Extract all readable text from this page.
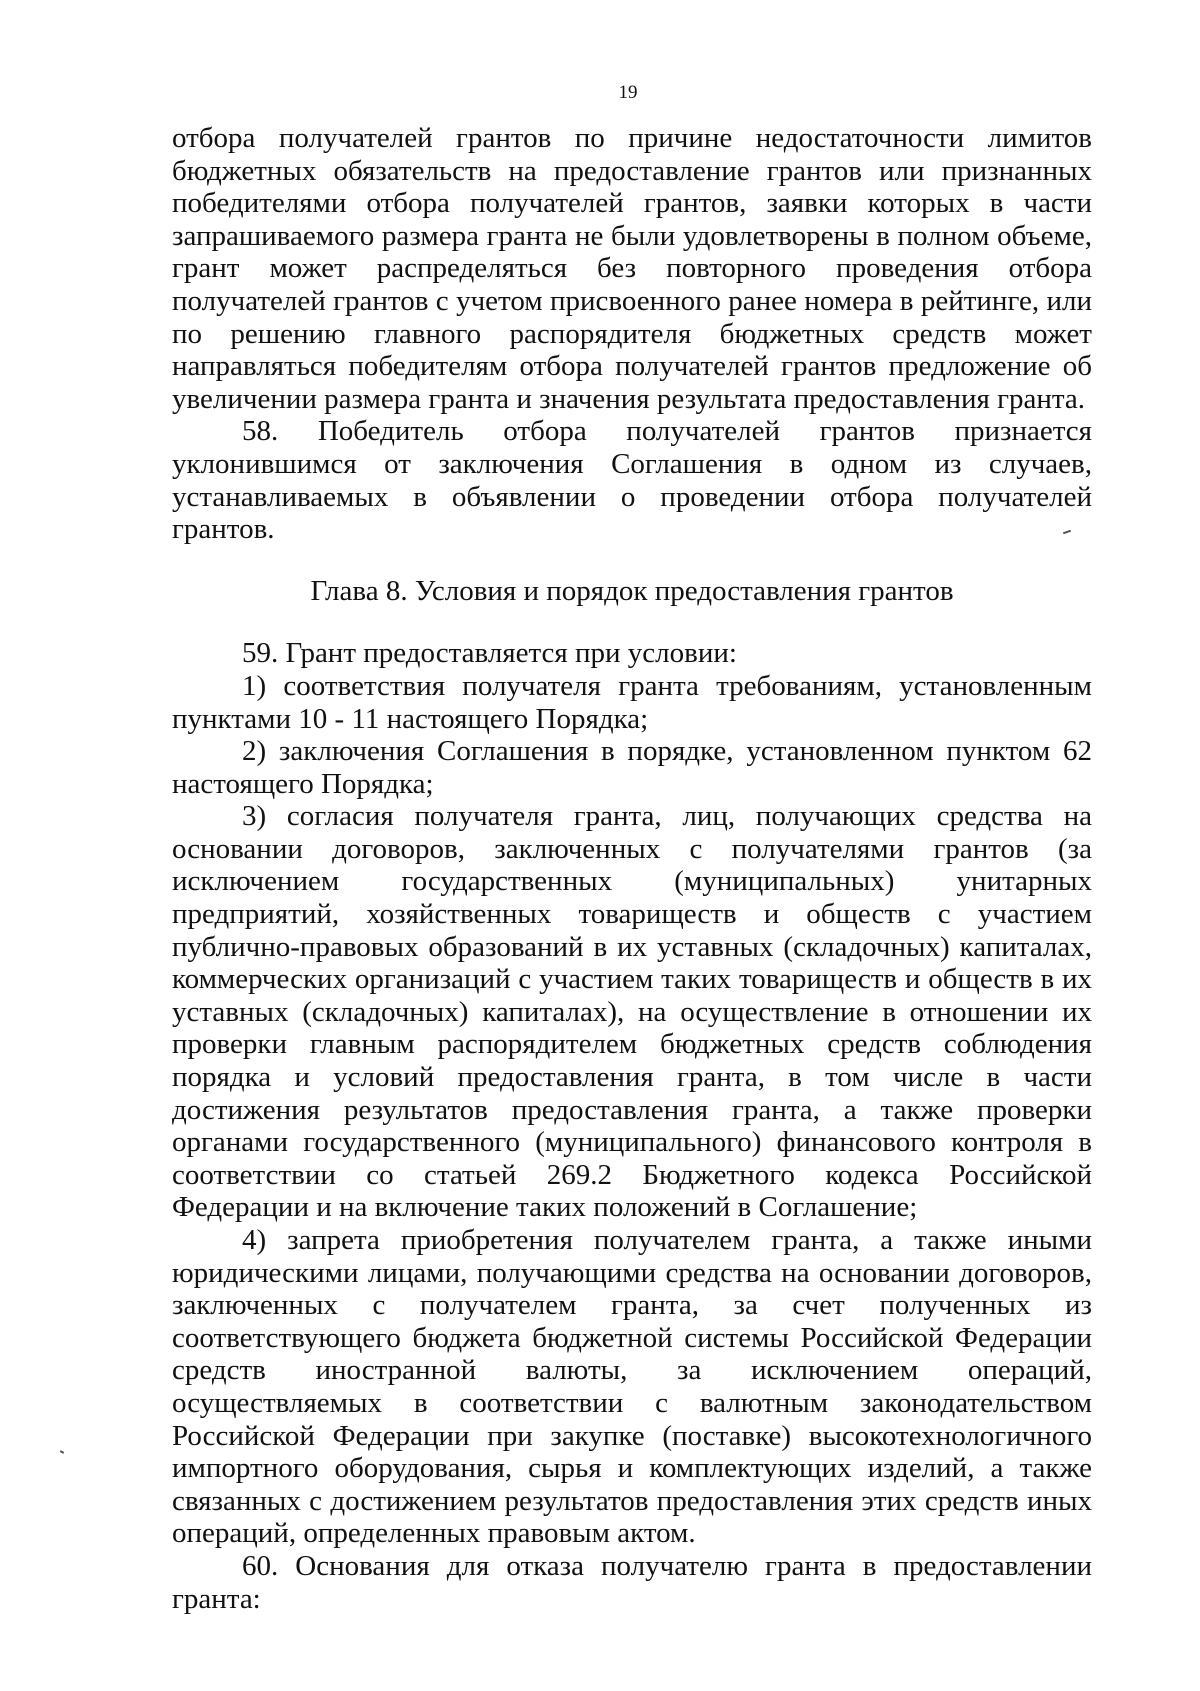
19

отбора получателей грантов по причине недостаточности лимитов бюджетных обязательств на предоставление грантов или признанных победителями отбора получателей грантов, заявки которых в части запрашиваемого размера гранта не были удовлетворены в полном объеме, грант может распределяться без повторного проведения отбора получателей грантов с учетом присвоенного ранее номера в рейтинге, или по решению главного распорядителя бюджетных средств может направляться победителям отбора получателей грантов предложение об увеличении размера гранта и значения результата предоставления гранта.

58. Победитель отбора получателей грантов признается уклонившимся от заключения Соглашения в одном из случаев, устанавливаемых в объявлении о проведении отбора получателей грантов.

Глава 8. Условия и порядок предоставления грантов

59. Грант предоставляется при условии:

1) соответствия получателя гранта требованиям, установленным пунктами 10 - 11 настоящего Порядка;

2) заключения Соглашения в порядке, установленном пунктом 62 настоящего Порядка;

3) согласия получателя гранта, лиц, получающих средства на основании договоров, заключенных с получателями грантов (за исключением государственных (муниципальных) унитарных предприятий, хозяйственных товариществ и обществ с участием публично-правовых образований в их уставных (складочных) капиталах, коммерческих организаций с участием таких товариществ и обществ в их уставных (складочных) капиталах), на осуществление в отношении их проверки главным распорядителем бюджетных средств соблюдения порядка и условий предоставления гранта, в том числе в части достижения результатов предоставления гранта, а также проверки органами государственного (муниципального) финансового контроля в соответствии со статьей 269.2 Бюджетного кодекса Российской Федерации и на включение таких положений в Соглашение;

4) запрета приобретения получателем гранта, а также иными юридическими лицами, получающими средства на основании договоров, заключенных с получателем гранта, за счет полученных из соответствующего бюджета бюджетной системы Российской Федерации средств иностранной валюты, за исключением операций, осуществляемых в соответствии с валютным законодательством Российской Федерации при закупке (поставке) высокотехнологичного импортного оборудования, сырья и комплектующих изделий, а также связанных с достижением результатов предоставления этих средств иных операций, определенных правовым актом.

60. Основания для отказа получателю гранта в предоставлении гранта:
